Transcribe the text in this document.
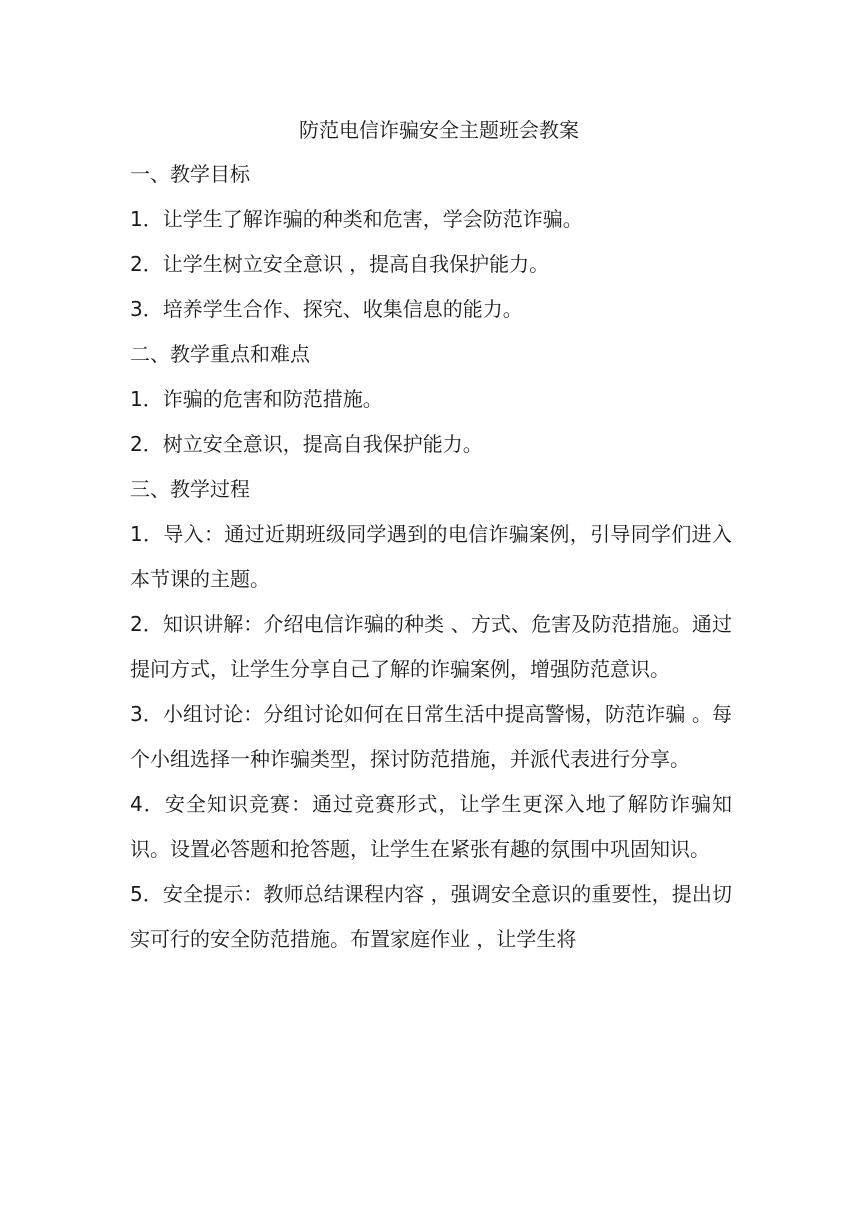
防范电信诈骗安全主题班会教案

一、教学目标

1．让学生了解诈骗的种类和危害，学会防范诈骗。

2．让学生树立安全意识 ，提高自我保护能力。

3．培养学生合作、探究、收集信息的能力。

二、教学重点和难点

1．诈骗的危害和防范措施。

2．树立安全意识，提高自我保护能力。

三、教学过程

1．导入：通过近期班级同学遇到的电信诈骗案例，引导同学们进入本节课的主题。

2．知识讲解：介绍电信诈骗的种类 、方式、危害及防范措施。通过提问方式，让学生分享自己了解的诈骗案例，增强防范意识。

3．小组讨论：分组讨论如何在日常生活中提高警惕，防范诈骗 。每个小组选择一种诈骗类型，探讨防范措施，并派代表进行分享。

4．安全知识竞赛：通过竞赛形式，让学生更深入地了解防诈骗知识。设置必答题和抢答题，让学生在紧张有趣的氛围中巩固知识。

5．安全提示：教师总结课程内容 ，强调安全意识的重要性，提出切实可行的安全防范措施。布置家庭作业 ，让学生将
